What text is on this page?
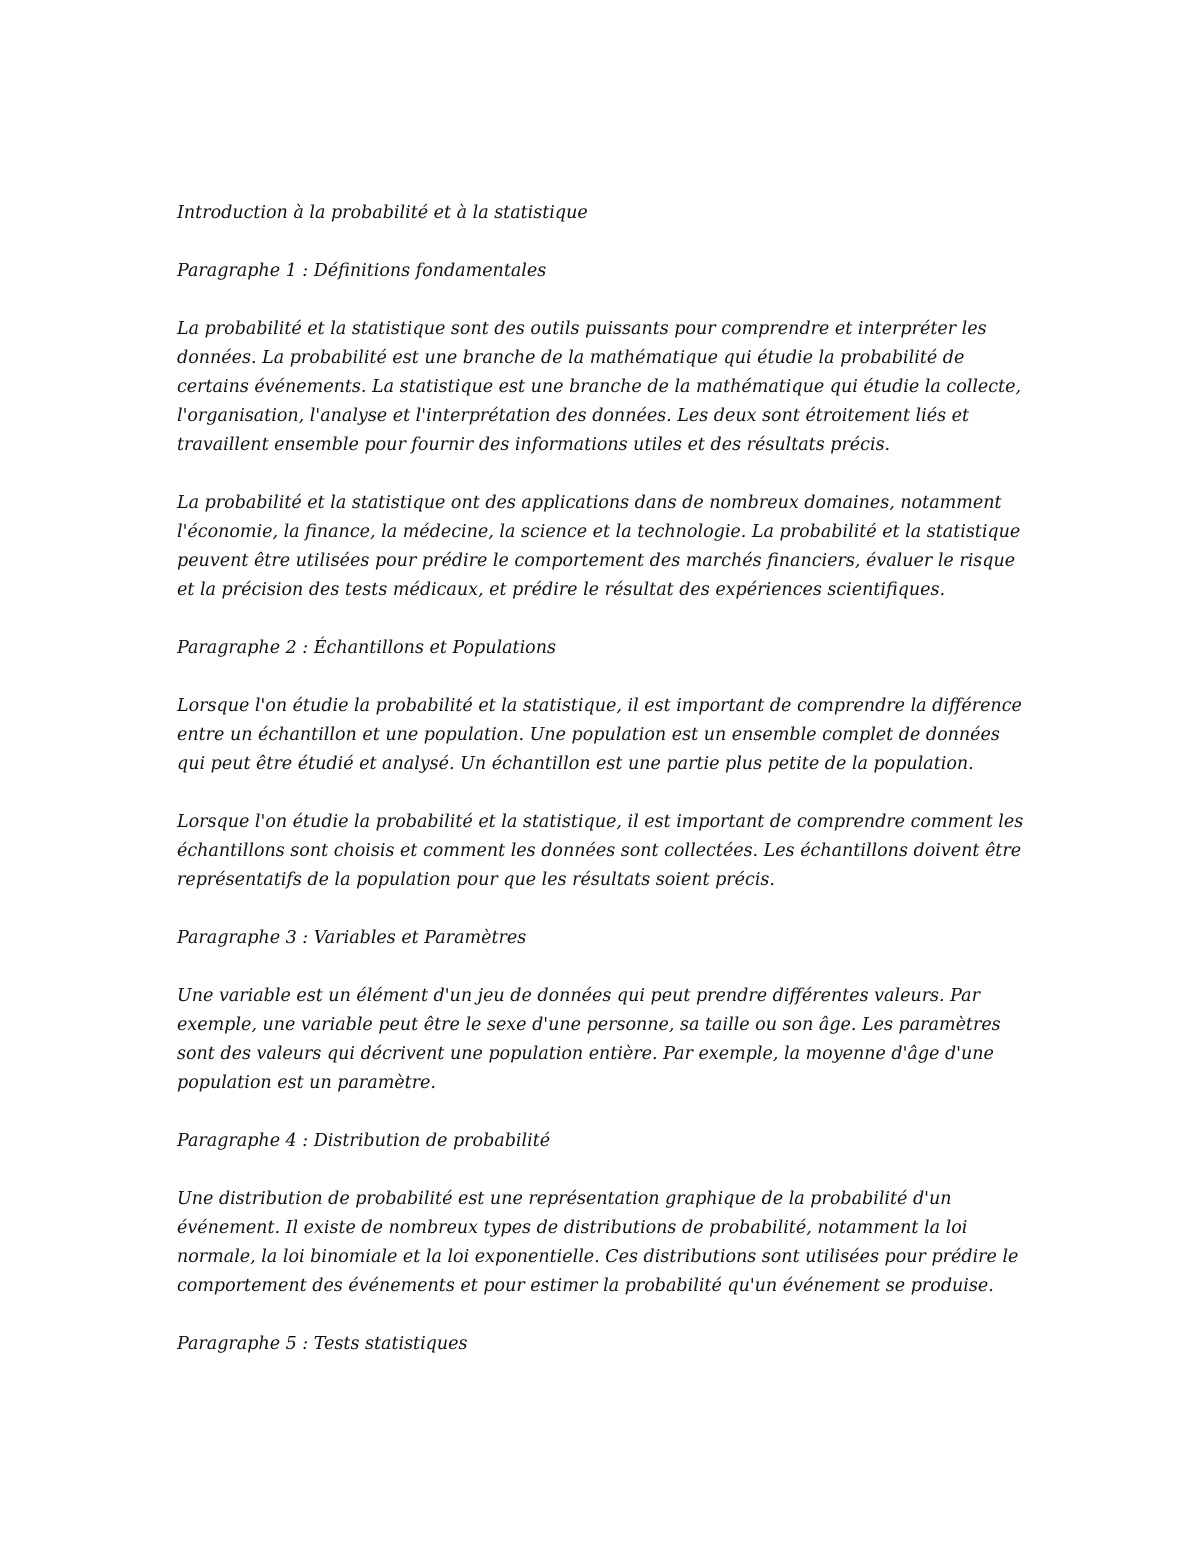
Introduction à la probabilité et à la statistique

Paragraphe 1 : Définitions fondamentales

La probabilité et la statistique sont des outils puissants pour comprendre et interpréter les
données. La probabilité est une branche de la mathématique qui étudie la probabilité de
certains événements. La statistique est une branche de la mathématique qui étudie la collecte,
l'organisation, l'analyse et l'interprétation des données. Les deux sont étroitement liés et
travaillent ensemble pour fournir des informations utiles et des résultats précis.

La probabilité et la statistique ont des applications dans de nombreux domaines, notamment
l'économie, la finance, la médecine, la science et la technologie. La probabilité et la statistique
peuvent être utilisées pour prédire le comportement des marchés financiers, évaluer le risque
et la précision des tests médicaux, et prédire le résultat des expériences scientifiques.

Paragraphe 2 : Échantillons et Populations

Lorsque l'on étudie la probabilité et la statistique, il est important de comprendre la différence
entre un échantillon et une population. Une population est un ensemble complet de données
qui peut être étudié et analysé. Un échantillon est une partie plus petite de la population.

Lorsque l'on étudie la probabilité et la statistique, il est important de comprendre comment les
échantillons sont choisis et comment les données sont collectées. Les échantillons doivent être
représentatifs de la population pour que les résultats soient précis.

Paragraphe 3 : Variables et Paramètres

Une variable est un élément d'un jeu de données qui peut prendre différentes valeurs. Par
exemple, une variable peut être le sexe d'une personne, sa taille ou son âge. Les paramètres
sont des valeurs qui décrivent une population entière. Par exemple, la moyenne d'âge d'une
population est un paramètre.

Paragraphe 4 : Distribution de probabilité

Une distribution de probabilité est une représentation graphique de la probabilité d'un
événement. Il existe de nombreux types de distributions de probabilité, notamment la loi
normale, la loi binomiale et la loi exponentielle. Ces distributions sont utilisées pour prédire le
comportement des événements et pour estimer la probabilité qu'un événement se produise.

Paragraphe 5 : Tests statistiques
